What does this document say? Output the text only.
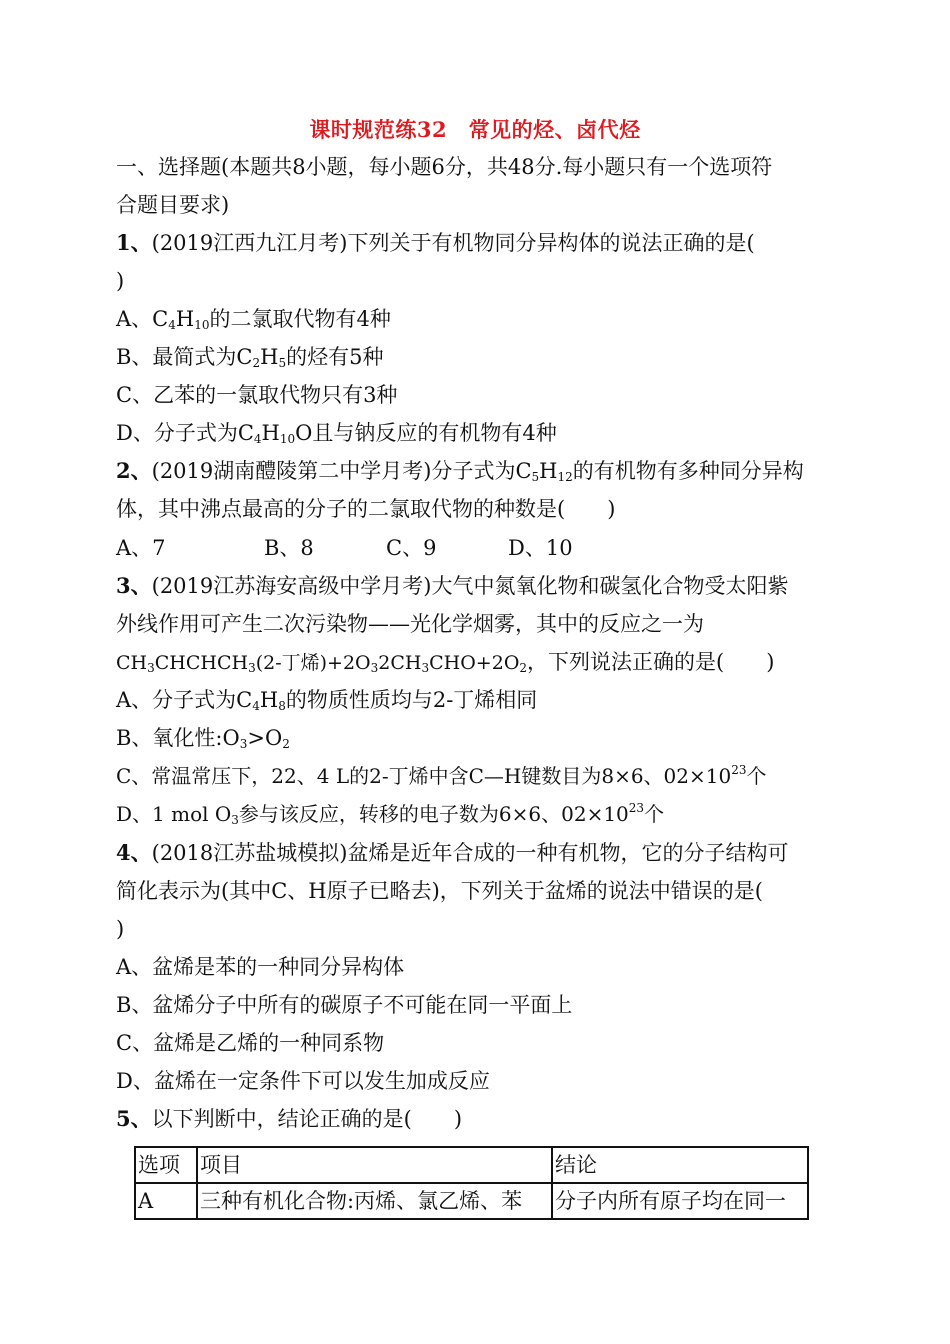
课时规范练32　常见的烃、卤代烃
一、选择题(本题共8小题，每小题6分，共48分.每小题只有一个选项符
合题目要求)
1、(2019江西九江月考)下列关于有机物同分异构体的说法正确的是(
)
A、$C_4H_{10}$的二氯取代物有4种
B、最简式为$C_2H_5$的烃有5种
C、乙苯的一氯取代物只有3种
D、分子式为$C_4H_{10}O$且与钠反应的有机物有4种
2、(2019湖南醴陵第二中学月考)分子式为$C_5H_{12}$的有机物有多种同分异构
体，其中沸点最高的分子的二氯取代物的种数是(　　)
A、7	B、8	C、9	D、10
3、(2019江苏海安高级中学月考)大气中氮氧化物和碳氢化合物受太阳紫
外线作用可产生二次污染物——光化学烟雾，其中的反应之一为
$CH_3CHCHCH_3(2-$丁烯)$+2O_32CH_3CHO+2O_2$，下列说法正确的是(　　)
A、分子式为$C_4H_8$的物质性质均与2-丁烯相同
B、氧化性$:O_3>O_2$
C、常温常压下，22、4 L的2-丁烯中含C—H键数目为8×6、$02\times 10^{23}$个
D、1 mol $O_3$参与该反应，转移的电子数为6×6、$02\times 10^{23}$个
4、(2018江苏盐城模拟)盆烯是近年合成的一种有机物，它的分子结构可
简化表示为(其中C、H原子已略去)，下列关于盆烯的说法中错误的是(
)
A、盆烯是苯的一种同分异构体
B、盆烯分子中所有的碳原子不可能在同一平面上
C、盆烯是乙烯的一种同系物
D、盆烯在一定条件下可以发生加成反应
5、以下判断中，结论正确的是(　　)
选项	项目	结论
A	三种有机化合物:丙烯、氯乙烯、苯	分子内所有原子均在同一
